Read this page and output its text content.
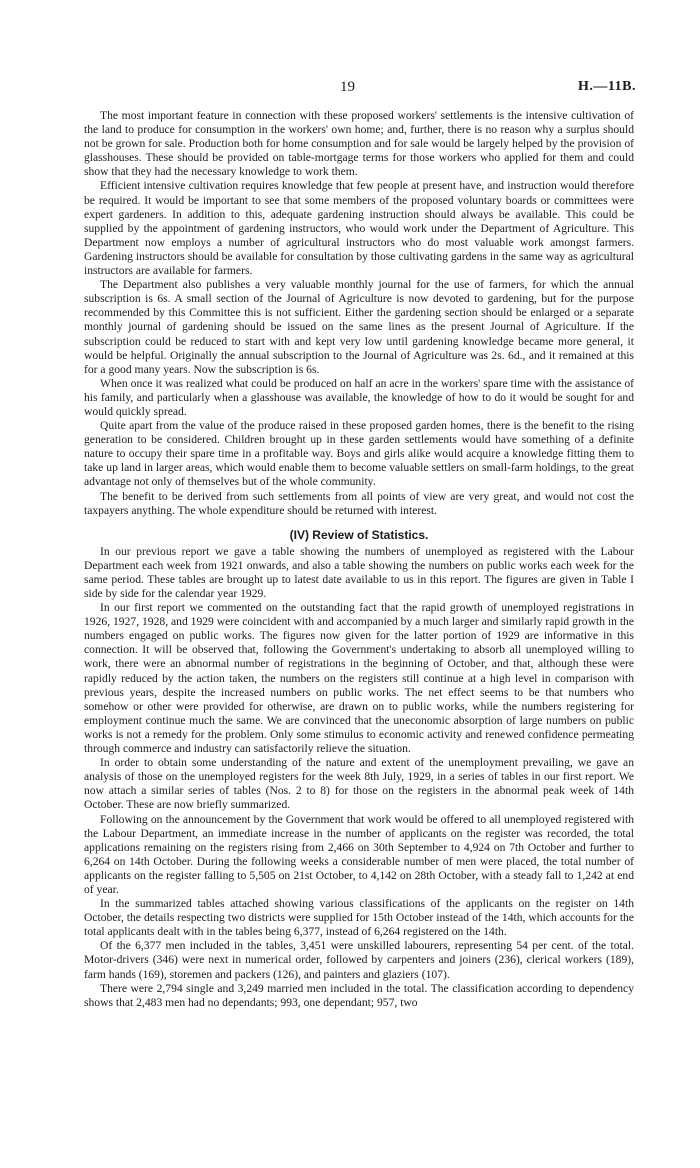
19	H.—11B.

The most important feature in connection with these proposed workers' settlements is the intensive cultivation of the land to produce for consumption in the workers' own home; and, further, there is no reason why a surplus should not be grown for sale. Production both for home consumption and for sale would be largely helped by the provision of glasshouses. These should be provided on table-mortgage terms for those workers who applied for them and could show that they had the necessary knowledge to work them.

Efficient intensive cultivation requires knowledge that few people at present have, and instruction would therefore be required. It would be important to see that some members of the proposed voluntary boards or committees were expert gardeners. In addition to this, adequate gardening instruction should always be available. This could be supplied by the appointment of gardening instructors, who would work under the Department of Agriculture. This Department now employs a number of agricultural instructors who do most valuable work amongst farmers. Gardening instructors should be available for consultation by those cultivating gardens in the same way as agricultural instructors are available for farmers.

The Department also publishes a very valuable monthly journal for the use of farmers, for which the annual subscription is 6s. A small section of the Journal of Agriculture is now devoted to gardening, but for the purpose recommended by this Committee this is not sufficient. Either the gardening section should be enlarged or a separate monthly journal of gardening should be issued on the same lines as the present Journal of Agriculture. If the subscription could be reduced to start with and kept very low until gardening knowledge became more general, it would be helpful. Originally the annual subscription to the Journal of Agriculture was 2s. 6d., and it remained at this for a good many years. Now the subscription is 6s.

When once it was realized what could be produced on half an acre in the workers' spare time with the assistance of his family, and particularly when a glasshouse was available, the knowledge of how to do it would be sought for and would quickly spread.

Quite apart from the value of the produce raised in these proposed garden homes, there is the benefit to the rising generation to be considered. Children brought up in these garden settlements would have something of a definite nature to occupy their spare time in a profitable way. Boys and girls alike would acquire a knowledge fitting them to take up land in larger areas, which would enable them to become valuable settlers on small-farm holdings, to the great advantage not only of themselves but of the whole community.

The benefit to be derived from such settlements from all points of view are very great, and would not cost the taxpayers anything. The whole expenditure should be returned with interest.

(IV) Review of Statistics.

In our previous report we gave a table showing the numbers of unemployed as registered with the Labour Department each week from 1921 onwards, and also a table showing the numbers on public works each week for the same period. These tables are brought up to latest date available to us in this report. The figures are given in Table I side by side for the calendar year 1929.

In our first report we commented on the outstanding fact that the rapid growth of unemployed registrations in 1926, 1927, 1928, and 1929 were coincident with and accompanied by a much larger and similarly rapid growth in the numbers engaged on public works. The figures now given for the latter portion of 1929 are informative in this connection. It will be observed that, following the Government's undertaking to absorb all unemployed willing to work, there were an abnormal number of registrations in the beginning of October, and that, although these were rapidly reduced by the action taken, the numbers on the registers still continue at a high level in comparison with previous years, despite the increased numbers on public works. The net effect seems to be that numbers who somehow or other were provided for otherwise, are drawn on to public works, while the numbers registering for employment continue much the same. We are convinced that the uneconomic absorption of large numbers on public works is not a remedy for the problem. Only some stimulus to economic activity and renewed confidence permeating through commerce and industry can satisfactorily relieve the situation.

In order to obtain some understanding of the nature and extent of the unemployment prevailing, we gave an analysis of those on the unemployed registers for the week 8th July, 1929, in a series of tables in our first report. We now attach a similar series of tables (Nos. 2 to 8) for those on the registers in the abnormal peak week of 14th October. These are now briefly summarized.

Following on the announcement by the Government that work would be offered to all unemployed registered with the Labour Department, an immediate increase in the number of applicants on the register was recorded, the total applications remaining on the registers rising from 2,466 on 30th September to 4,924 on 7th October and further to 6,264 on 14th October. During the following weeks a considerable number of men were placed, the total number of applicants on the register falling to 5,505 on 21st October, to 4,142 on 28th October, with a steady fall to 1,242 at end of year.

In the summarized tables attached showing various classifications of the applicants on the register on 14th October, the details respecting two districts were supplied for 15th October instead of the 14th, which accounts for the total applicants dealt with in the tables being 6,377, instead of 6,264 registered on the 14th.

Of the 6,377 men included in the tables, 3,451 were unskilled labourers, representing 54 per cent. of the total. Motor-drivers (346) were next in numerical order, followed by carpenters and joiners (236), clerical workers (189), farm hands (169), storemen and packers (126), and painters and glaziers (107).

There were 2,794 single and 3,249 married men included in the total. The classification according to dependency shows that 2,483 men had no dependants; 993, one dependant; 957, two
